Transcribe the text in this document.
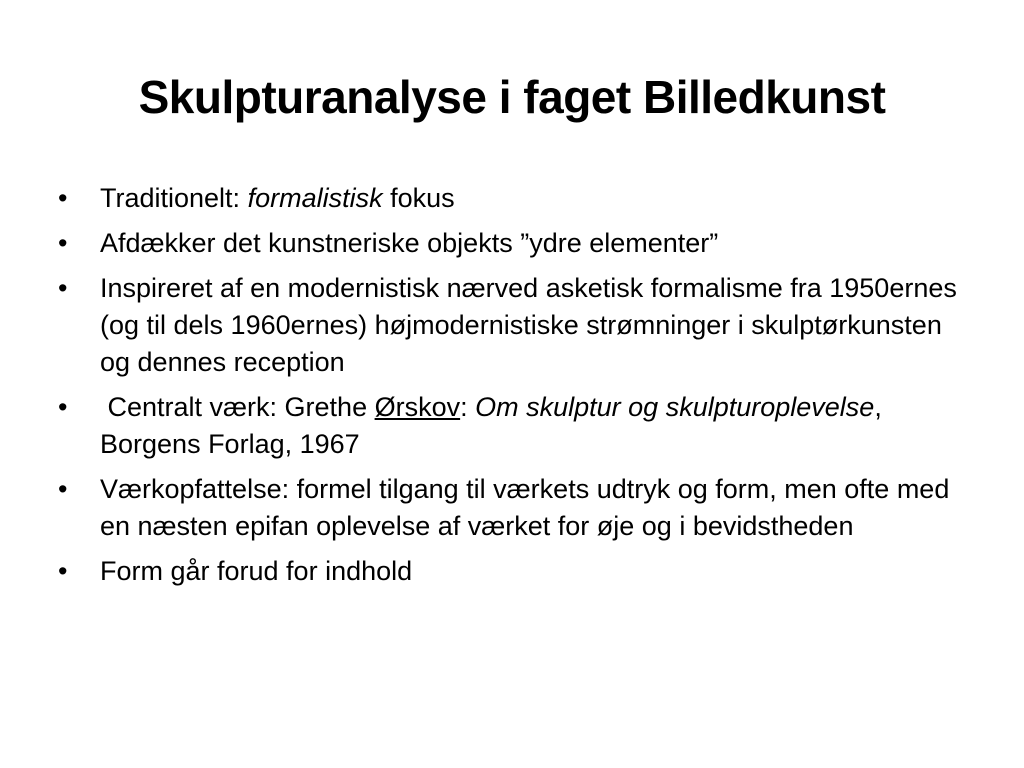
Skulpturanalyse i faget Billedkunst
•	Traditionelt: formalistisk fokus
•	Afdækker det kunstneriske objekts ”ydre elementer”
•	Inspireret af en modernistisk nærved asketisk formalisme fra 1950ernes (og til dels 1960ernes) højmodernistiske strømninger i skulptørkunsten og dennes reception
•	Centralt værk: Grethe Ørskov: Om skulptur og skulpturoplevelse, Borgens Forlag, 1967
•	Værkopfattelse: formel tilgang til værkets udtryk og form, men ofte med en næsten epifan oplevelse af værket for øje og i bevidstheden
•	Form går forud for indhold
